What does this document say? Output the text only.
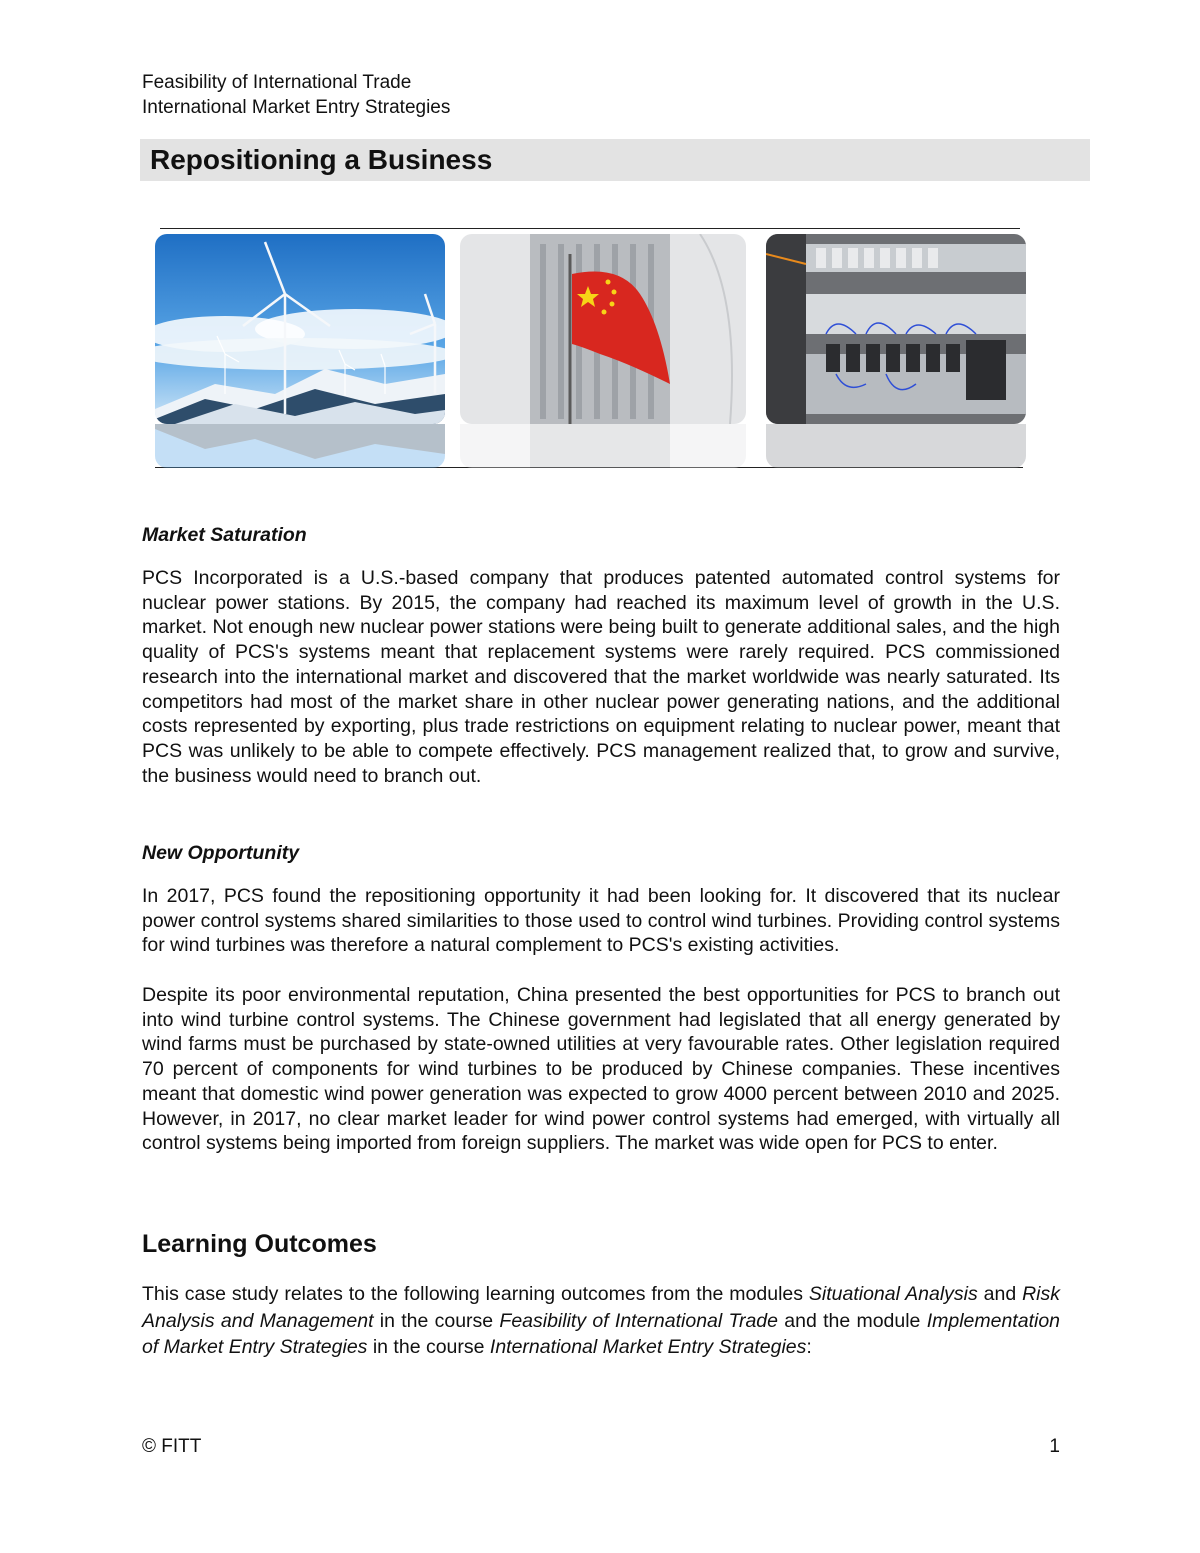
Feasibility of International Trade
International Market Entry Strategies
Repositioning a Business
Market Saturation

PCS Incorporated is a U.S.-based company that produces patented automated control systems for nuclear power stations. By 2015, the company had reached its maximum level of growth in the U.S. market. Not enough new nuclear power stations were being built to generate additional sales, and the high quality of PCS's systems meant that replacement systems were rarely required. PCS commissioned research into the international market and discovered that the market worldwide was nearly saturated. Its competitors had most of the market share in other nuclear power generating nations, and the additional costs represented by exporting, plus trade restrictions on equipment relating to nuclear power, meant that PCS was unlikely to be able to compete effectively. PCS management realized that, to grow and survive, the business would need to branch out.

New Opportunity

In 2017, PCS found the repositioning opportunity it had been looking for. It discovered that its nuclear power control systems shared similarities to those used to control wind turbines. Providing control systems for wind turbines was therefore a natural complement to PCS's existing activities.

Despite its poor environmental reputation, China presented the best opportunities for PCS to branch out into wind turbine control systems. The Chinese government had legislated that all energy generated by wind farms must be purchased by state-owned utilities at very favourable rates. Other legislation required 70 percent of components for wind turbines to be produced by Chinese companies. These incentives meant that domestic wind power generation was expected to grow 4000 percent between 2010 and 2025. However, in 2017, no clear market leader for wind power control systems had emerged, with virtually all control systems being imported from foreign suppliers. The market was wide open for PCS to enter.

Learning Outcomes

This case study relates to the following learning outcomes from the modules Situational Analysis and Risk Analysis and Management in the course Feasibility of International Trade and the module Implementation of Market Entry Strategies in the course International Market Entry Strategies:

© FITT	1
